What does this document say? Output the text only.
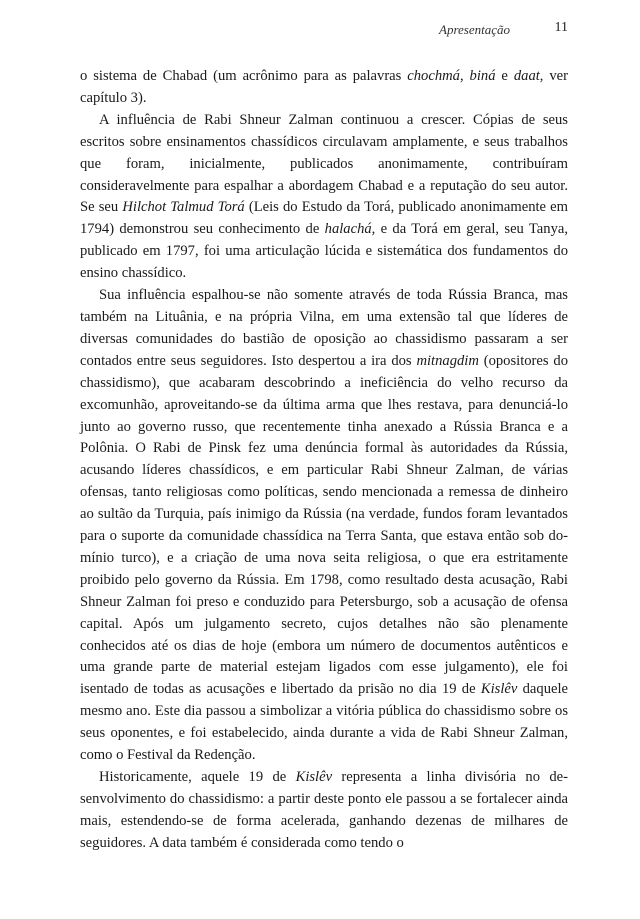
Apresentação	11

o sistema de Chabad (um acrônimo para as palavras chochmá, biná e daat, ver capítulo 3).

A influência de Rabi Shneur Zalman continuou a crescer. Cópias de seus escritos sobre ensinamentos chassídicos circulavam amplamente, e seus trabalhos que foram, inicialmente, publicados anonimamente, contribuíram consideravelmente para espalhar a abordagem Chabad e a reputação do seu autor. Se seu Hilchot Talmud Torá (Leis do Estudo da Torá, publicado anonimamente em 1794) demonstrou seu conhecimento de halachá, e da Torá em geral, seu Tanya, publicado em 1797, foi uma articulação lúcida e sistemática dos fundamentos do ensino chassídico.

Sua influência espalhou-se não somente através de toda Rússia Branca, mas também na Lituânia, e na própria Vilna, em uma extensão tal que líderes de diversas comunidades do bastião de oposição ao chassidismo passaram a ser contados entre seus seguidores. Isto despertou a ira dos mitnagdim (opositores do chassidismo), que acabaram descobrindo a ineficiência do velho recurso da excomunhão, aproveitando-se da última arma que lhes restava, para denunciá-lo junto ao governo russo, que recentemente tinha anexado a Rússia Branca e a Polônia. O Rabi de Pinsk fez uma denúncia formal às autoridades da Rússia, acusando líderes chassídicos, e em particular Rabi Shneur Zalman, de várias ofensas, tanto religiosas como políticas, sendo mencionada a remessa de dinheiro ao sultão da Turquia, país inimigo da Rússia (na verdade, fundos foram levantados para o suporte da comunidade chassídica na Terra Santa, que estava então sob domínio turco), e a criação de uma nova seita religiosa, o que era estritamente proibido pelo governo da Rússia. Em 1798, como resultado desta acusação, Rabi Shneur Zalman foi preso e conduzido para Petersburgo, sob a acusação de ofensa capital. Após um julgamento secreto, cujos detalhes não são plenamente conhecidos até os dias de hoje (embora um número de documentos autênticos e uma grande parte de material estejam ligados com esse julgamento), ele foi isentado de todas as acusações e libertado da prisão no dia 19 de Kislêv daquele mesmo ano. Este dia passou a simbolizar a vitória pública do chassidismo sobre os seus oponentes, e foi estabelecido, ainda durante a vida de Rabi Shneur Zalman, como o Festival da Redenção.

Historicamente, aquele 19 de Kislêv representa a linha divisória no desenvolvimento do chassidismo: a partir deste ponto ele passou a se fortalecer ainda mais, estendendo-se de forma acelerada, ganhando dezenas de milhares de seguidores. A data também é considerada como tendo o
